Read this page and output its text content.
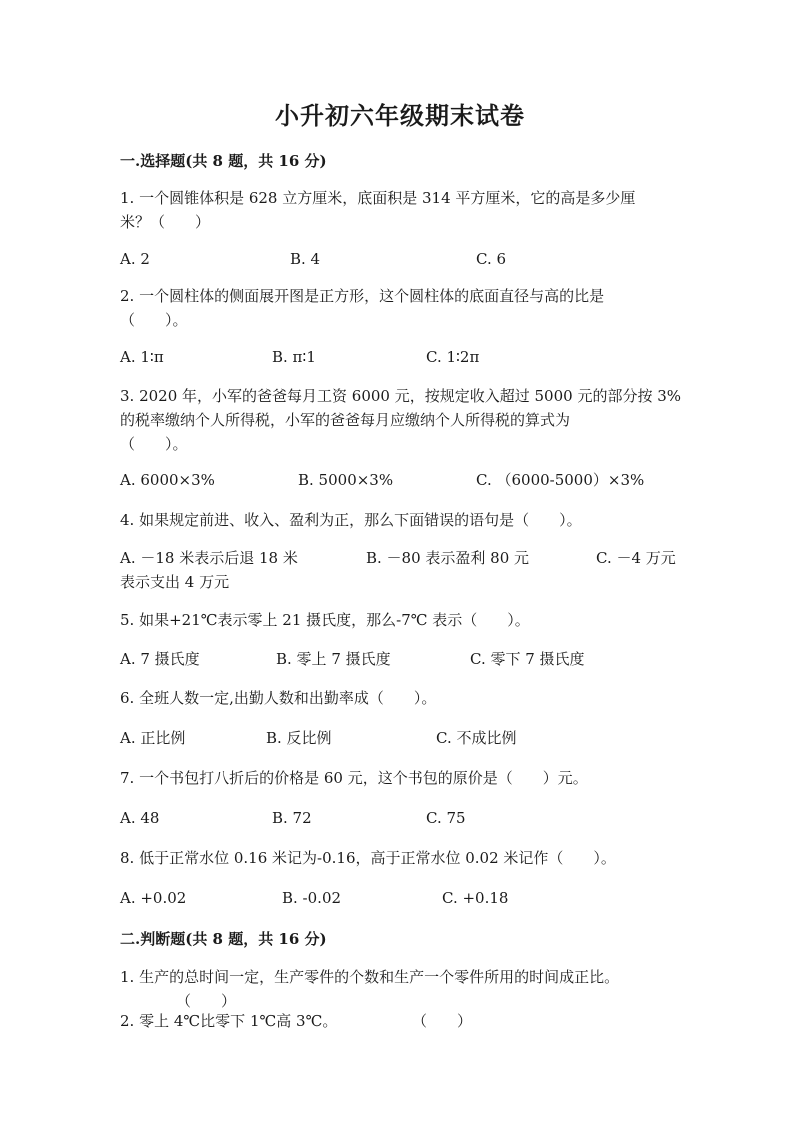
小升初六年级期末试卷
一.选择题(共 8 题，共 16 分)
1. 一个圆锥体积是 628 立方厘米，底面积是 314 平方厘米，它的高是多少厘
米？（　　）
A. 2	B. 4	C. 6
2. 一个圆柱体的侧面展开图是正方形，这个圆柱体的底面直径与高的比是
（　　）。
A. 1∶π	B. π∶1	C. 1∶2π
3. 2020 年，小军的爸爸每月工资 6000 元，按规定收入超过 5000 元的部分按 3%
的税率缴纳个人所得税，小军的爸爸每月应缴纳个人所得税的算式为
（　　）。
A. 6000×3%	B. 5000×3%	C. （6000-5000）×3%
4. 如果规定前进、收入、盈利为正，那么下面错误的语句是（　　）。
A. －18 米表示后退 18 米	B. －80 表示盈利 80 元	C. －4 万元
表示支出 4 万元
5. 如果+21℃表示零上 21 摄氏度，那么-7℃ 表示（　　）。
A. 7 摄氏度	B. 零上 7 摄氏度	C. 零下 7 摄氏度
6. 全班人数一定,出勤人数和出勤率成（　　）。
A. 正比例	B. 反比例	C. 不成比例
7. 一个书包打八折后的价格是 60 元，这个书包的原价是（　　）元。
A. 48	B. 72	C. 75
8. 低于正常水位 0.16 米记为-0.16，高于正常水位 0.02 米记作（　　）。
A. +0.02	B. -0.02	C. +0.18
二.判断题(共 8 题，共 16 分)
1. 生产的总时间一定，生产零件的个数和生产一个零件所用的时间成正比。
（　　）
2. 零上 4℃比零下 1℃高 3℃。	（　　）
